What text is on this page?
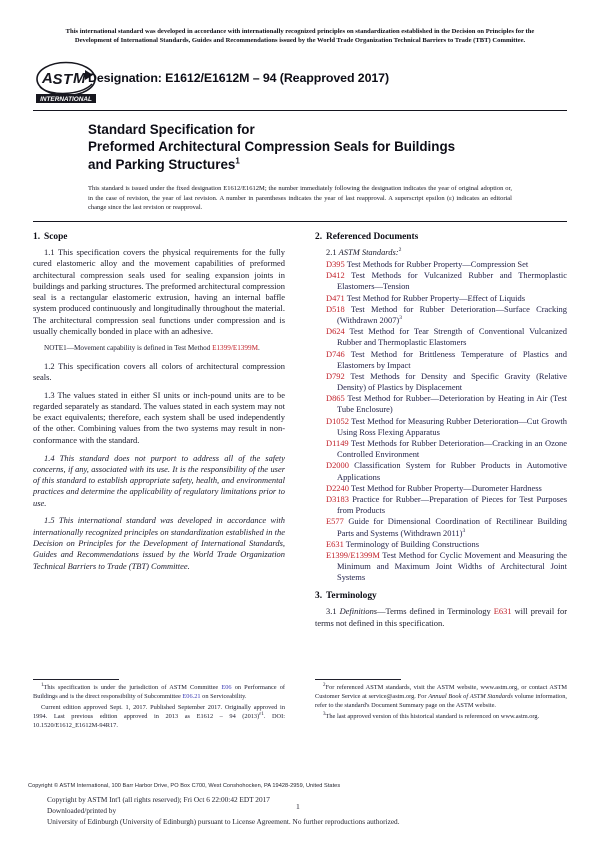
This international standard was developed in accordance with internationally recognized principles on standardization established in the Decision on Principles for the
Development of International Standards, Guides and Recommendations issued by the World Trade Organization Technical Barriers to Trade (TBT) Committee.
A S T M
INTERNATIONAL
Designation: E1612/E1612M – 94 (Reapproved 2017)
Standard Specification for
Preformed Architectural Compression Seals for Buildings
and Parking Structures$^1$
This standard is issued under the fixed designation E1612/E1612M; the number immediately following the designation indicates the year of original adoption or, in the case of revision, the year of last revision. A number in parentheses indicates the year of last reapproval. A superscript epsilon (ε) indicates an editorial change since the last revision or reapproval.
1. Scope

1.1 This specification covers the physical requirements for the fully cured elastomeric alloy and the movement capabilities of preformed architectural compression seals used for sealing expansion joints in buildings and parking structures. The preformed architectural compression seal is a rectangular elastomeric extrusion, having an internal baffle system produced continuously and longitudinally throughout the material. The architectural compression seal functions under compression and is usually chemically bonded in place with an adhesive.

NOTE1—Movement capability is defined in Test Method E1399/E1399M.

1.2 This specification covers all colors of architectural compression seals.

1.3 The values stated in either SI units or inch-pound units are to be regarded separately as standard. The values stated in each system may not be exact equivalents; therefore, each system shall be used independently of the other. Combining values from the two systems may result in non-conformance with the standard.

1.4 This standard does not purport to address all of the safety concerns, if any, associated with its use. It is the responsibility of the user of this standard to establish appropriate safety, health, and environmental practices and determine the applicability of regulatory limitations prior to use.

1.5 This international standard was developed in accordance with internationally recognized principles on standardization established in the Decision on Principles for the Development of International Standards, Guides and Recommendations issued by the World Trade Organization Technical Barriers to Trade (TBT) Committee.

2. Referenced Documents

2.1 ASTM Standards:$^2$

D395 Test Methods for Rubber Property—Compression Set
D412 Test Methods for Vulcanized Rubber and Thermoplastic Elastomers—Tension
D471 Test Method for Rubber Property—Effect of Liquids
D518 Test Method for Rubber Deterioration—Surface Cracking (Withdrawn 2007)$^3$
D624 Test Method for Tear Strength of Conventional Vulcanized Rubber and Thermoplastic Elastomers
D746 Test Method for Brittleness Temperature of Plastics and Elastomers by Impact
D792 Test Methods for Density and Specific Gravity (Relative Density) of Plastics by Displacement
D865 Test Method for Rubber—Deterioration by Heating in Air (Test Tube Enclosure)
D1052 Test Method for Measuring Rubber Deterioration—Cut Growth Using Ross Flexing Apparatus
D1149 Test Methods for Rubber Deterioration—Cracking in an Ozone Controlled Environment
D2000 Classification System for Rubber Products in Automotive Applications
D2240 Test Method for Rubber Property—Durometer Hardness
D3183 Practice for Rubber—Preparation of Pieces for Test Purposes from Products
E577 Guide for Dimensional Coordination of Rectilinear Building Parts and Systems (Withdrawn 2011)$^3$
E631 Terminology of Building Constructions
E1399/E1399M Test Method for Cyclic Movement and Measuring the Minimum and Maximum Joint Widths of Architectural Joint Systems
3. Terminology

3.1 Definitions—Terms defined in Terminology E631 will prevail for terms not defined in this specification.

$^1$This specification is under the jurisdiction of ASTM Committee E06 on Performance of Buildings and is the direct responsibility of Subcommittee E06.21 on Serviceability.

Current edition approved Sept. 1, 2017. Published September 2017. Originally approved in 1994. Last previous edition approved in 2013 as E1612 – 94 $(2013)^{\varepsilon 1}$. DOI: 10.1520/E1612_E1612M-94R17.

$^2$For referenced ASTM standards, visit the ASTM website, www.astm.org, or contact ASTM Customer Service at service@astm.org. For Annual Book of ASTM Standards volume information, refer to the standard's Document Summary page on the ASTM website.

$^3$The last approved version of this historical standard is referenced on www.astm.org.

Copyright © ASTM International, 100 Barr Harbor Drive, PO Box C700, West Conshohocken, PA 19428-2959, United States
Copyright by ASTM Int'l (all rights reserved); Fri Oct 6 22:00:42 EDT 2017
Downloaded/printed by
University of Edinburgh (University of Edinburgh) pursuant to License Agreement. No further reproductions authorized.
1
